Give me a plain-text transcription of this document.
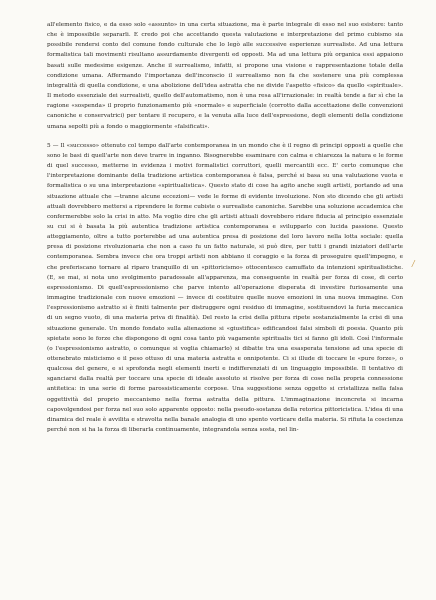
all'elemento fisico, e da esso solo «assunto» in una certa situazione, ma è parte integrale di esso nel suo esistere: tanto che è impossibile separarli. E credo poi che accettando questa valutazione e interpretazione del primo cubismo sia possibile rendersi conto del comune fondo culturale che lo legò alle successive esperienze surrealiste. Ad una lettura formalistica tali movimenti risultano assurdamente divergenti ed opposti. Ma ad una lettura più organica essi appaiono basati sulle medesime esigenze. Anche il surrealismo, infatti, si propone una visione e rappresentazione totale della condizione umana. Affermando l'importanza dell'inconscio il surrealismo non fa che sostenere una più complessa integralità di quella condizione, e una abolizione dell'idea astratta che ne divide l'aspetto «fisico» da quello «spirituale». Il metodo essenziale dei surrealisti, quello dell'automatismo, non è una resa all'irrazionale: in realtà tende a far sì che la ragione «sospenda» il proprio funzionamento più «normale» e superficiale (corrotto dalla accettazione delle convenzioni canoniche e conservatrici) per tentare il recupero, e la venuta alla luce dell'espressione, degli elementi della condizione umana sepolti più a fondo o maggiormente «falsificati».

5 — Il «successo» ottenuto col tempo dall'arte contemporanea in un mondo che è il regno di principi opposti a quelle che sono le basi di quell'arte non deve trarre in inganno. Bisognerebbe esaminare con calma e chiarezza la natura e le forme di quel successo, metterne in evidenza i motivi formalistici corruttori, quelli mercantili ecc. E' certo comunque che l'interpretazione dominante della tradizione artistica contemporanea è falsa, perché si basa su una valutazione vuota e formalistica o su una interpretazione «spiritualistica». Questo stato di cose ha agito anche sugli artisti, portando ad una situazione attuale che —tranne alcune eccezioni— vede le forme di evidente involuzione. Non sto dicendo che gli artisti attuali dovrebbero mettersi a riprendere le forme cubiste o surrealiste canoniche. Sarebbe una soluzione accademica che confermerebbe solo la crisi in atto. Ma voglio dire che gli artisti attuali dovrebbero ridare fiducia al principio essenziale su cui si è basata la più autentica tradizione artistica contemporanea e svilupparlo con lucida passione. Questo atteggiamento, oltre a tutto porterebbe ad una autentica presa di posizione del loro lavoro nella lotta sociale: quella presa di posizione rivoluzionaria che non a caso fu un fatto naturale, si può dire, per tutti i grandi iniziatori dell'arte contemporanea. Sembra invece che ora troppi artisti non abbiano il coraggio e la forza di proseguire quell'impegno, e che preferiscano tornare al riparo tranquillo di un «pittoricismo» ottocentesco camuffato da intenzioni spiritualistiche. (E, se mai, si nota uno svolgimento paradossale all'apparenza, ma conseguente in realtà per forza di cose, di certo espressionismo. Di quell'espressionismo che parve intento all'operazione disperata di investire furiosamente una immagine tradizionale con nuove emozioni — invece di costituire quelle nuove emozioni in una nuova immagine. Con l'espressionismo astratto si è finiti talmente per distruggere ogni residuo di immagine, sostituendovi la furia meccanica di un segno vuoto, di una materia priva di finalità). Del resto la crisi della pittura ripete sostanzialmente la crisi di una situazione generale. Un mondo fondato sulla alienazione si «giustifica» edificandosi falsi simboli di poesia. Quanto più spietate sono le forze che dispongono di ogni cosa tanto più vagamente spiritualis tici si fanno gli idoli. Così l'informale (o l'espressionismo astratto, o comunque si voglia chiamarlo) si dibatte tra una esasperata tensione ad una specie di ottenebrato misticismo e il peso ottuso di una materia astratta e onnipotente. Ci si illude di toccare le «pure forze», o qualcosa del genere, e si sprofonda negli elementi inerti e indifferenziati di un linguaggio impossibile. Il tentativo di sganciarsi dalla realtà per toccare una specie di ideale assoluto si risolve per forza di cose nella propria connessione antitetica: in una serie di forme parossisticamente corpose. Una suggestione senza oggetto si cristallizza nella falsa oggettività del proprio meccanismo nella forma astratta della pittura. L'immaginazione inconcreta si incarna capovolgendosi per forza nel suo solo apparente opposto: nella pseudo-sostanza della retorica pittoricistica. L'idea di una dinamica del reale è avvilita e stravolta nella banale analogia di uno spento vorticare della materia. Si rifiuta la coscienza perché non si ha la forza di liberarla continuamente, integrandola senza sosta, nel lin-

/
